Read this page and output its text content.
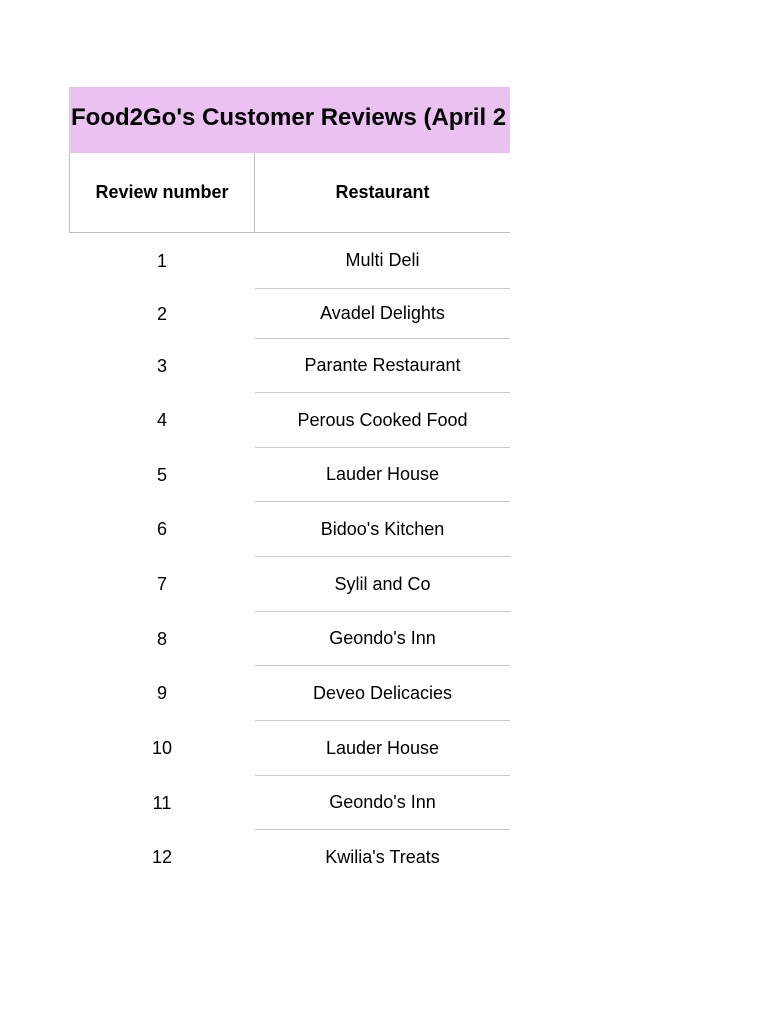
Food2Go's Customer Reviews (April 2
Review number	Restaurant
1	Multi Deli
2	Avadel Delights
3	Parante Restaurant
4	Perous Cooked Food
5	Lauder House
6	Bidoo's Kitchen
7	Sylil and Co
8	Geondo's Inn
9	Deveo Delicacies
10	Lauder House
11	Geondo's Inn
12	Kwilia's Treats
